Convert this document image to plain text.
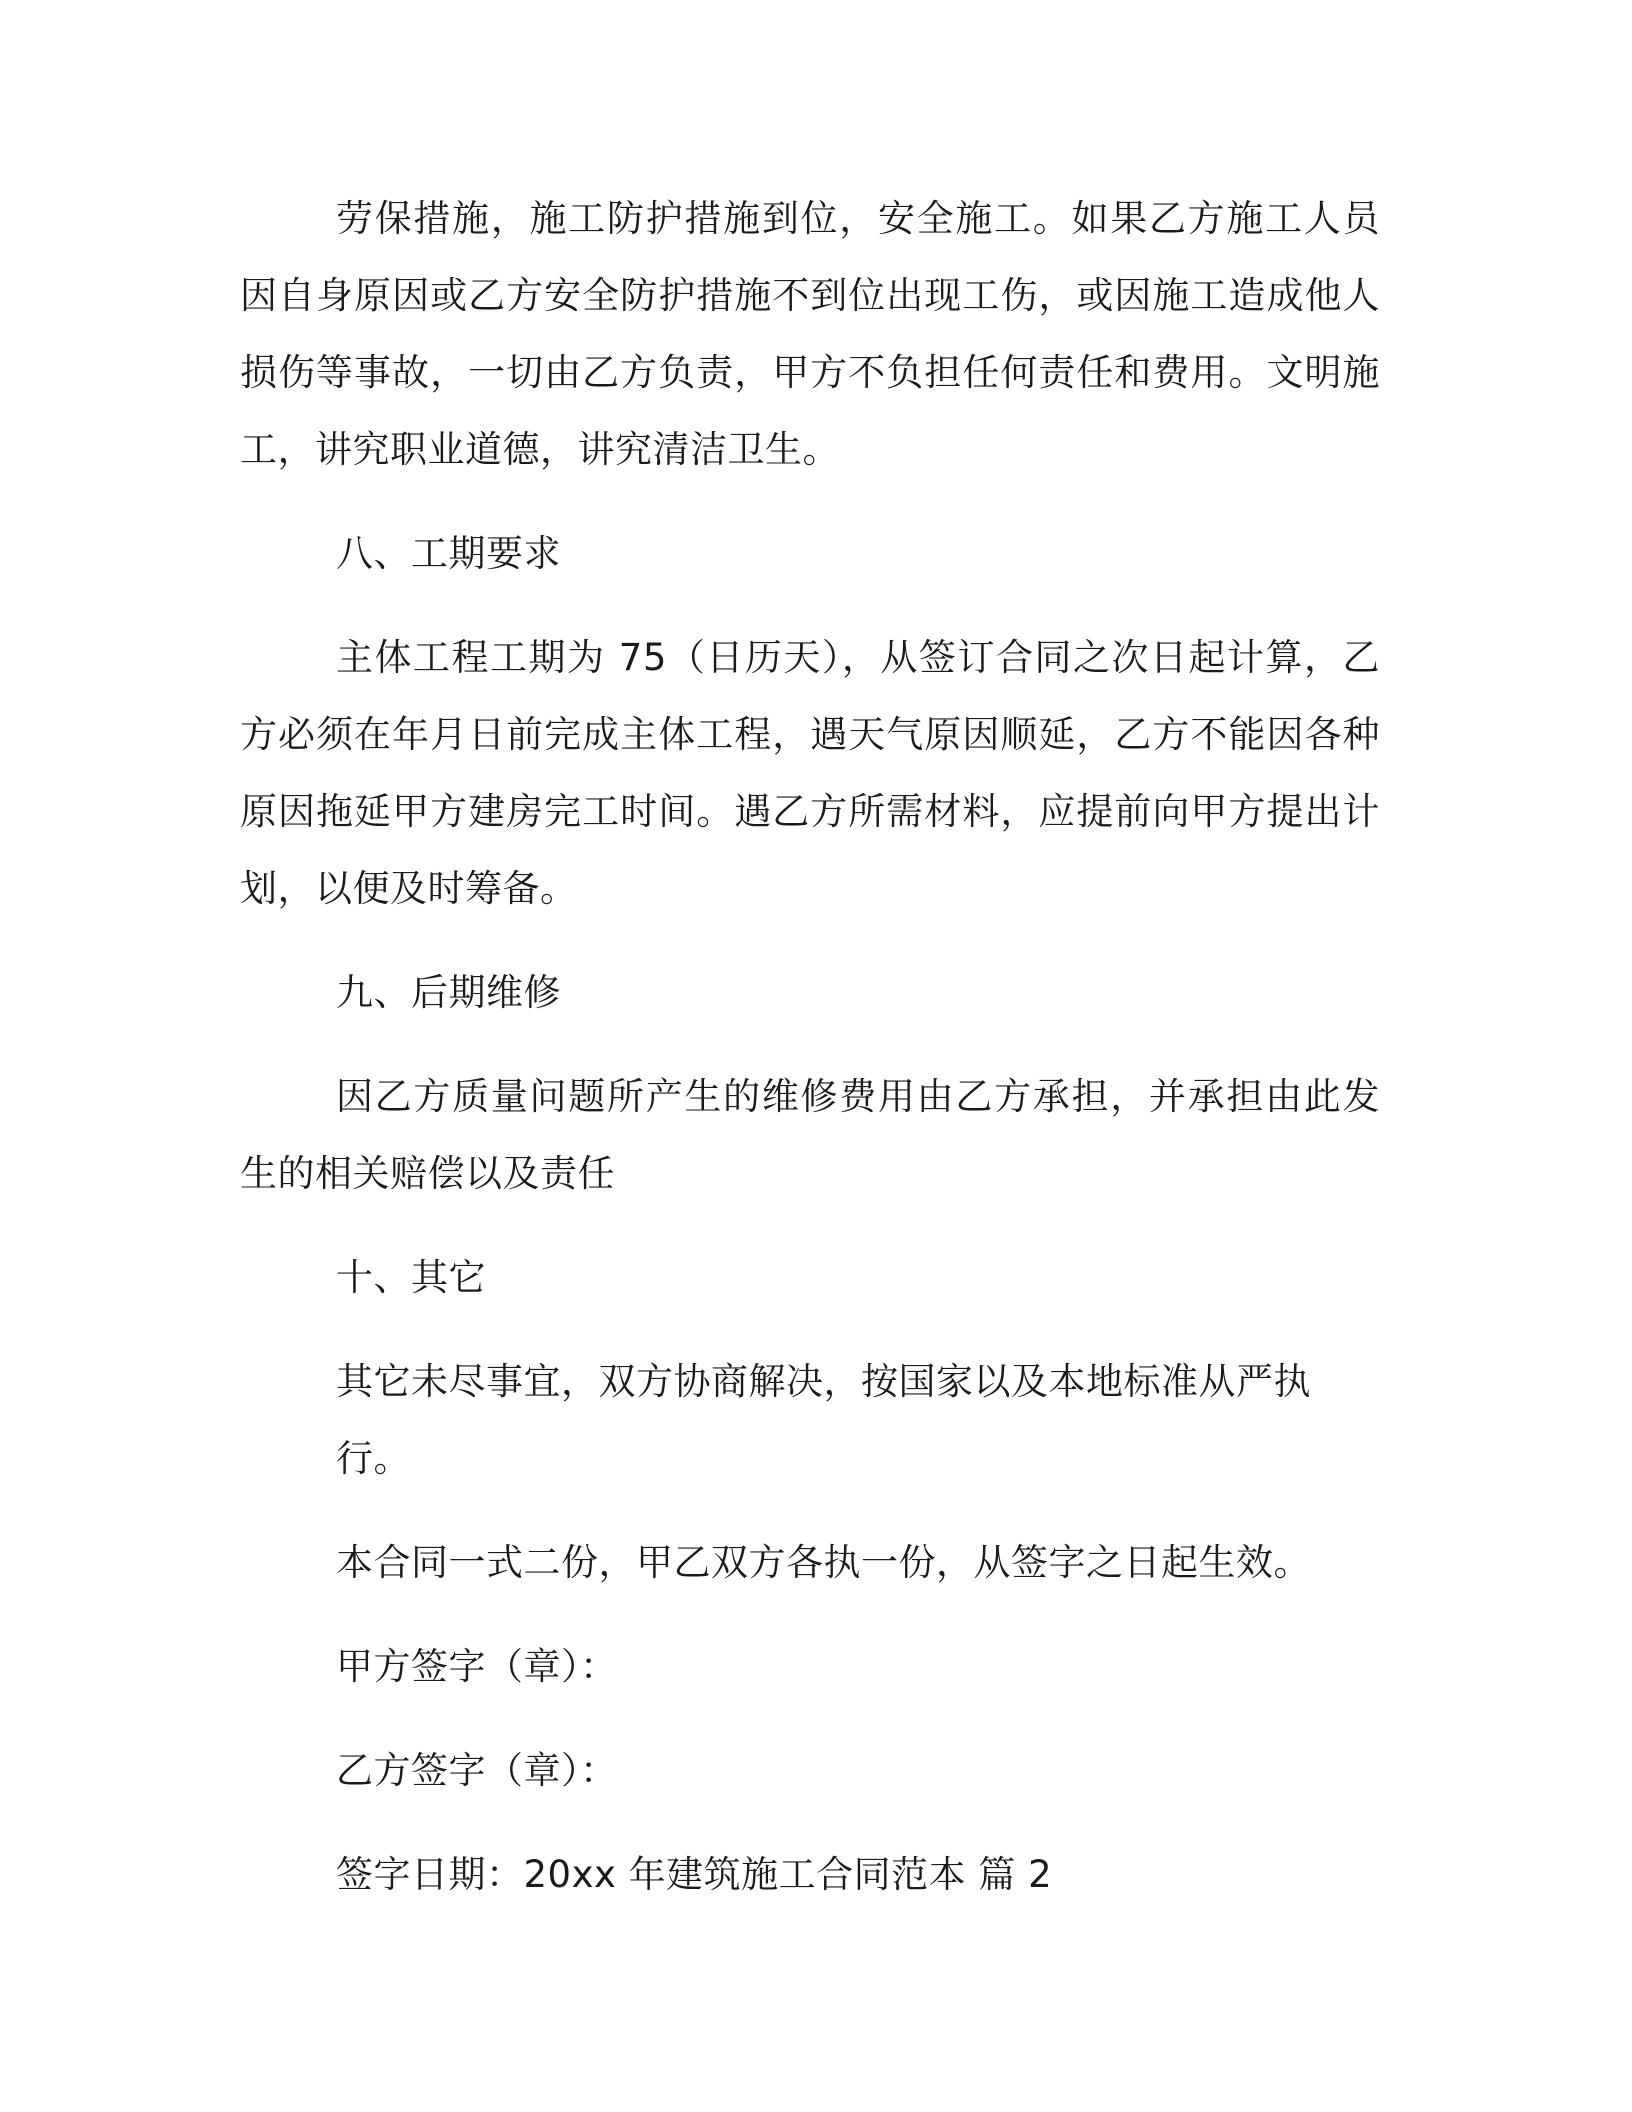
劳保措施，施工防护措施到位，安全施工。如果乙方施工人员因自身原因或乙方安全防护措施不到位出现工伤，或因施工造成他人损伤等事故，一切由乙方负责，甲方不负担任何责任和费用。文明施工，讲究职业道德，讲究清洁卫生。

八、工期要求

主体工程工期为 75（日历天），从签订合同之次日起计算，乙方必须在年月日前完成主体工程，遇天气原因顺延，乙方不能因各种原因拖延甲方建房完工时间。遇乙方所需材料，应提前向甲方提出计划，以便及时筹备。

九、后期维修

因乙方质量问题所产生的维修费用由乙方承担，并承担由此发生的相关赔偿以及责任

十、其它

其它未尽事宜，双方协商解决，按国家以及本地标准从严执行。

本合同一式二份，甲乙双方各执一份，从签字之日起生效。

甲方签字（章）：

乙方签字（章）：

签字日期：20xx 年建筑施工合同范本 篇 2
